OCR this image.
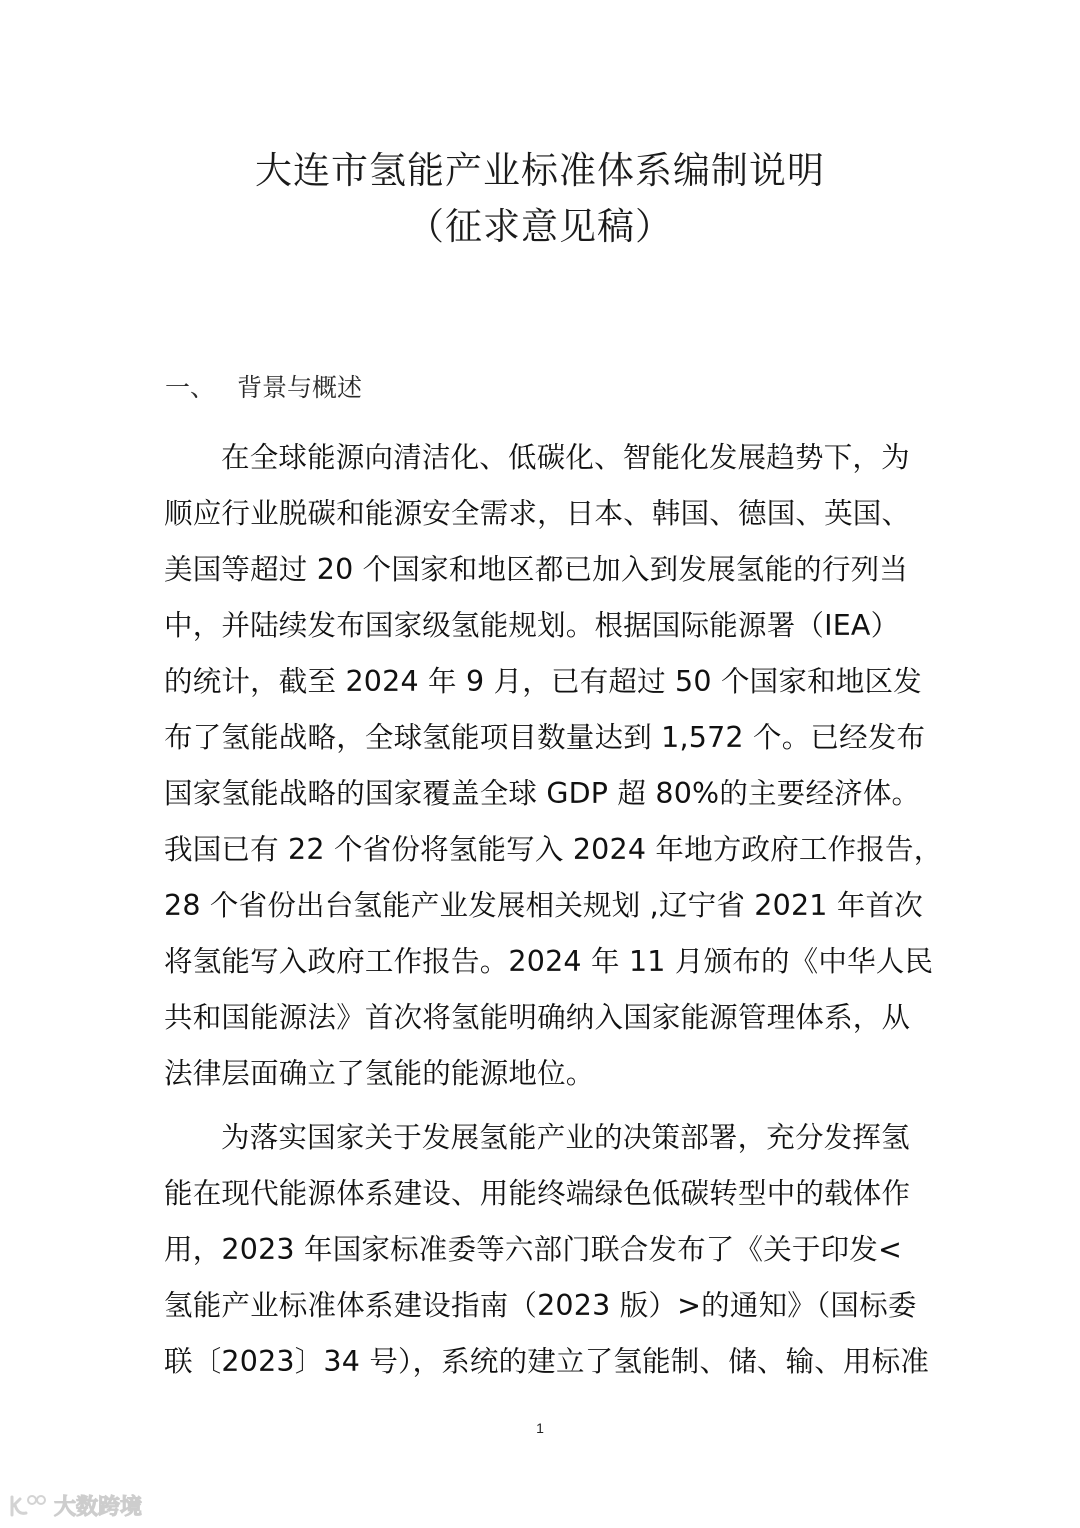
大连市氢能产业标准体系编制说明
（征求意见稿）
一、 背景与概述
在全球能源向清洁化、低碳化、智能化发展趋势下，为
顺应行业脱碳和能源安全需求，日本、韩国、德国、英国、
美国等超过 20 个国家和地区都已加入到发展氢能的行列当
中，并陆续发布国家级氢能规划。根据国际能源署（IEA）
的统计，截至 2024 年 9 月，已有超过 50 个国家和地区发
布了氢能战略，全球氢能项目数量达到 1,572 个。已经发布
国家氢能战略的国家覆盖全球 GDP 超 80%的主要经济体。
我国已有 22 个省份将氢能写入 2024 年地方政府工作报告，
28 个省份出台氢能产业发展相关规划 ,辽宁省 2021 年首次
将氢能写入政府工作报告。2024 年 11 月颁布的《中华人民
共和国能源法》首次将氢能明确纳入国家能源管理体系，从
法律层面确立了氢能的能源地位。
为落实国家关于发展氢能产业的决策部署，充分发挥氢
能在现代能源体系建设、用能终端绿色低碳转型中的载体作
用，2023 年国家标准委等六部门联合发布了《关于印发<
氢能产业标准体系建设指南（2023 版）>的通知》（国标委
联〔2023〕34 号），系统的建立了氢能制、储、输、用标准
1
大数跨境
